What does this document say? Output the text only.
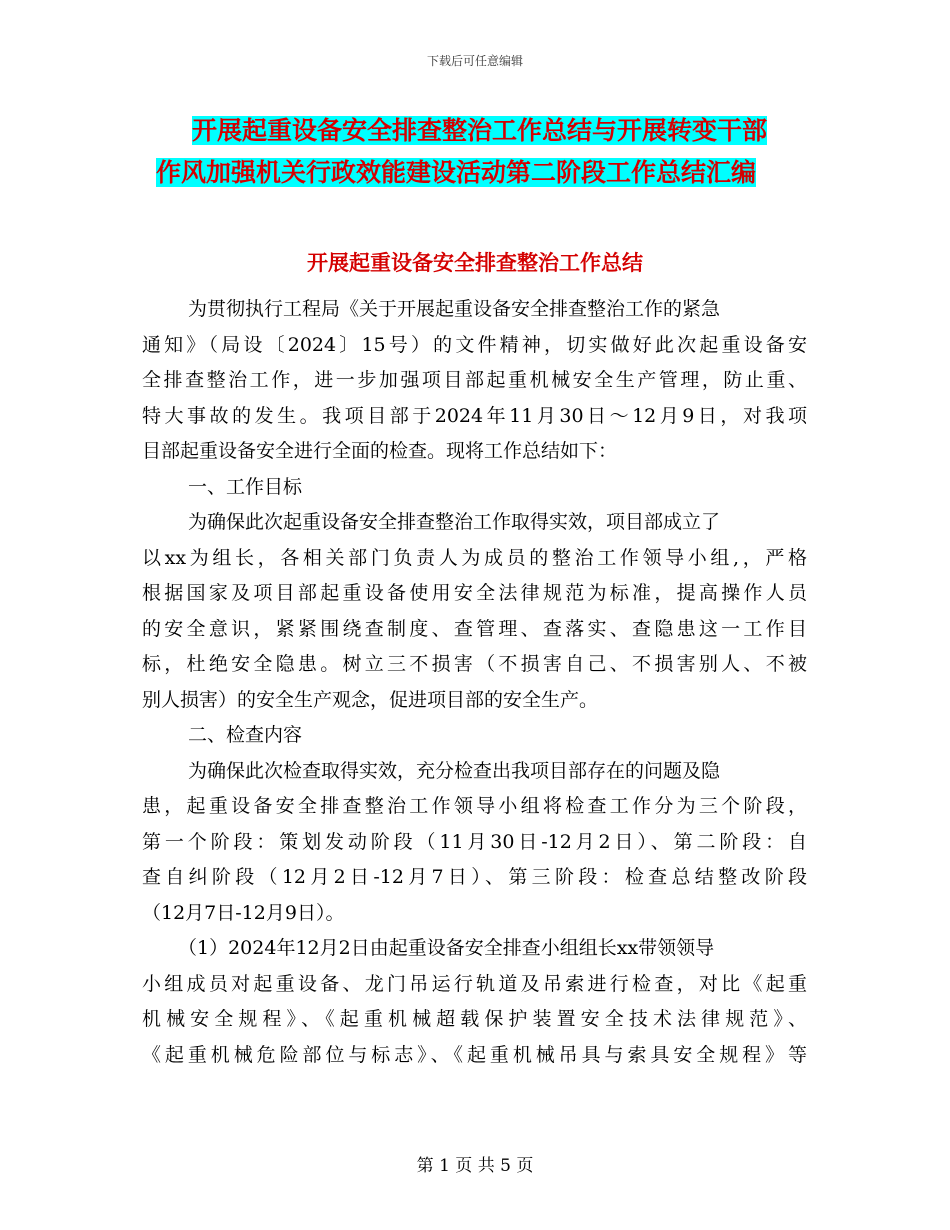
下载后可任意编辑
开展起重设备安全排查整治工作总结与开展转变干部
作风加强机关行政效能建设活动第二阶段工作总结汇编
开展起重设备安全排查整治工作总结
为贯彻执行工程局《关于开展起重设备安全排查整治工作的紧急
通知》（局设〔2024〕15号）的文件精神，切实做好此次起重设备安
全排查整治工作，进一步加强项目部起重机械安全生产管理，防止重、
特大事故的发生。我项目部于2024年11月30日～12月9日，对我项
目部起重设备安全进行全面的检查。现将工作总结如下：
一、工作目标
为确保此次起重设备安全排查整治工作取得实效，项目部成立了
以xx为组长，各相关部门负责人为成员的整治工作领导小组,，严格
根据国家及项目部起重设备使用安全法律规范为标准，提高操作人员
的安全意识，紧紧围绕查制度、查管理、查落实、查隐患这一工作目
标，杜绝安全隐患。树立三不损害（不损害自己、不损害别人、不被
别人损害）的安全生产观念，促进项目部的安全生产。
二、检查内容
为确保此次检查取得实效，充分检查出我项目部存在的问题及隐
患，起重设备安全排查整治工作领导小组将检查工作分为三个阶段，
第一个阶段：策划发动阶段（11月30日-12月2日）、第二阶段：自
查自纠阶段（12月2日-12月7日）、第三阶段：检查总结整改阶段
（12月7日-12月9日）。
（1）2024年12月2日由起重设备安全排查小组组长xx带领领导
小组成员对起重设备、龙门吊运行轨道及吊索进行检查，对比《起重
机械安全规程》、《起重机械超载保护装置安全技术法律规范》、
《起重机械危险部位与标志》、《起重机械吊具与索具安全规程》等
第 1 页 共 5 页
